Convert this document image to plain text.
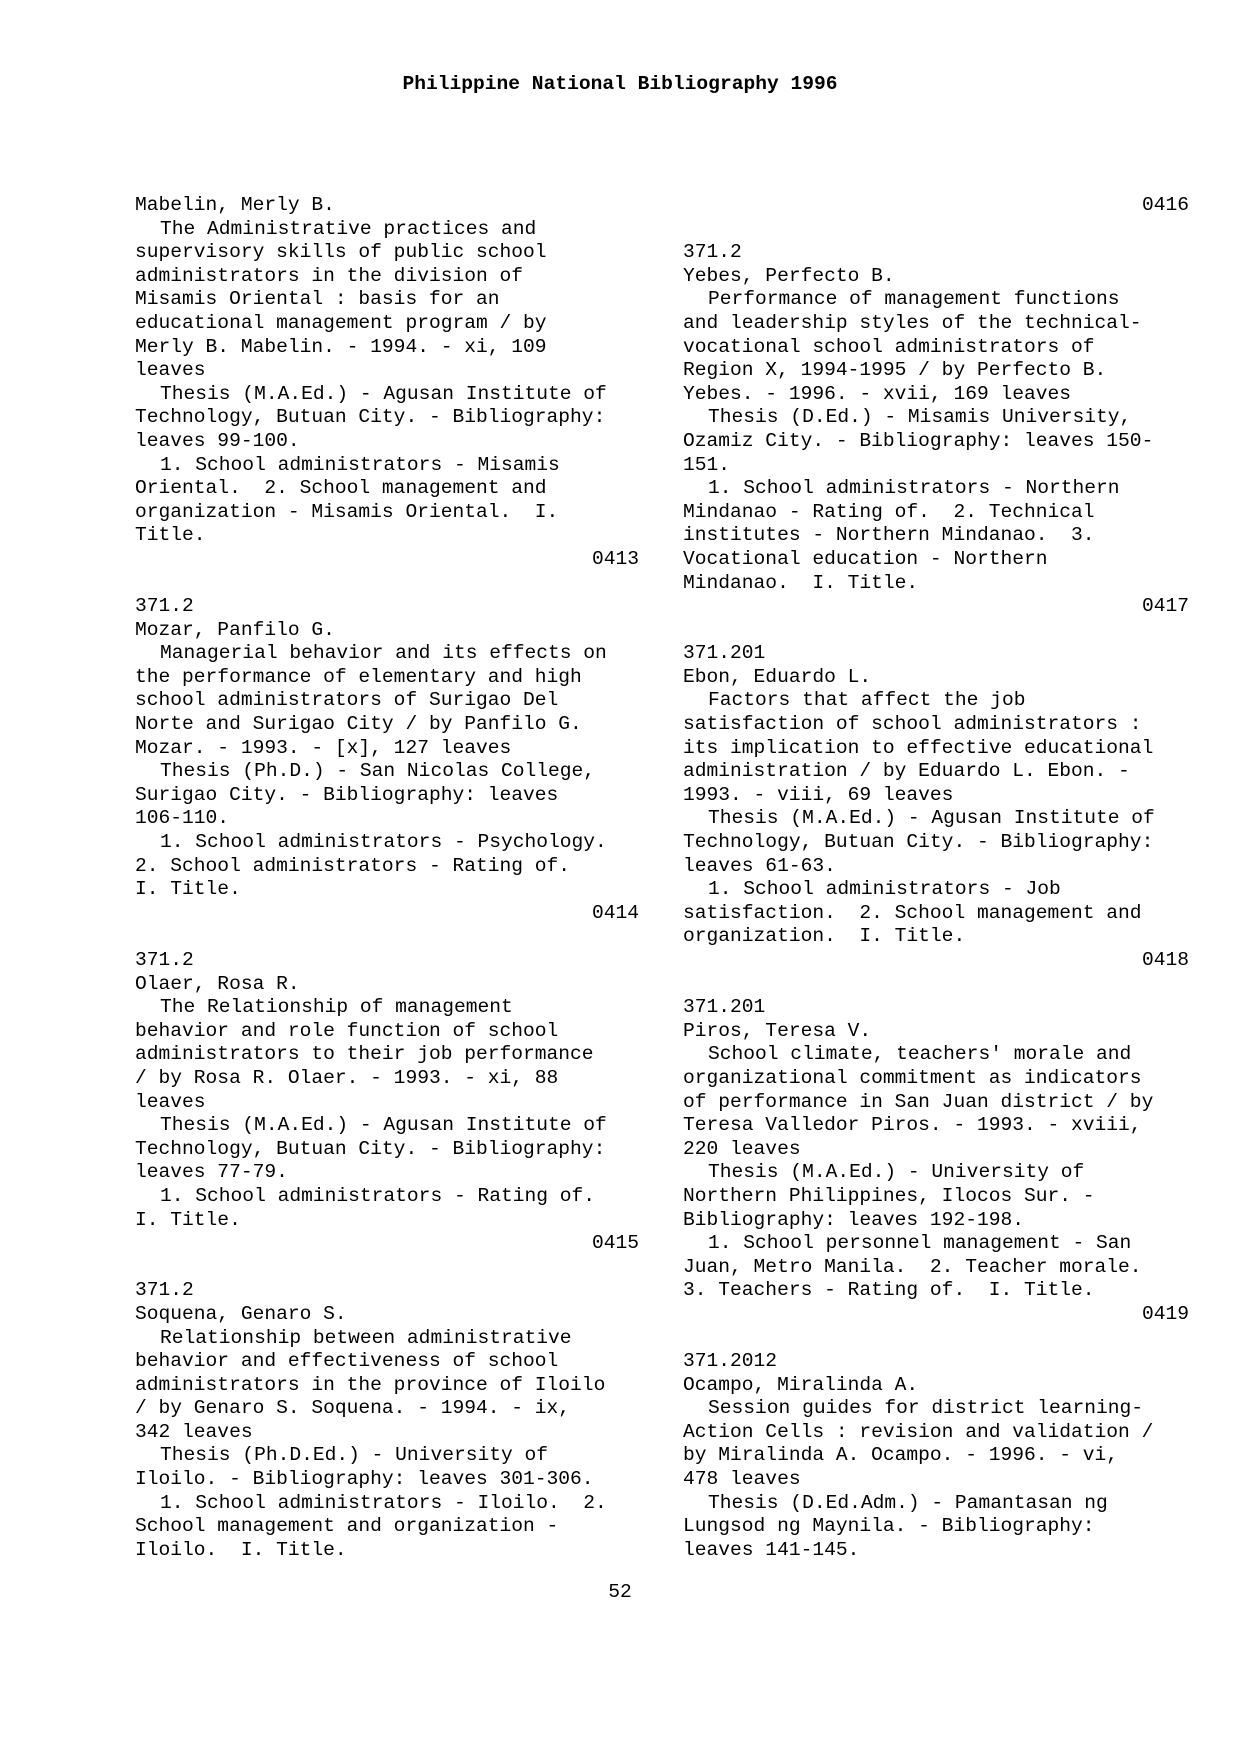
Philippine National Bibliography 1996
Mabelin, Merly B.
The Administrative practices and
supervisory skills of public school
administrators in the division of
Misamis Oriental : basis for an
educational management program / by
Merly B. Mabelin. - 1994. - xi, 109
leaves
Thesis (M.A.Ed.) - Agusan Institute of
Technology, Butuan City. - Bibliography:
leaves 99-100.
1. School administrators - Misamis
Oriental.  2. School management and
organization - Misamis Oriental.  I.
Title.
0413
371.2
Mozar, Panfilo G.
Managerial behavior and its effects on
the performance of elementary and high
school administrators of Surigao Del
Norte and Surigao City / by Panfilo G.
Mozar. - 1993. - [x], 127 leaves
Thesis (Ph.D.) - San Nicolas College,
Surigao City. - Bibliography: leaves
106-110.
1. School administrators - Psychology.
2. School administrators - Rating of.
I. Title.
0414
371.2
Olaer, Rosa R.
The Relationship of management
behavior and role function of school
administrators to their job performance
/ by Rosa R. Olaer. - 1993. - xi, 88
leaves
Thesis (M.A.Ed.) - Agusan Institute of
Technology, Butuan City. - Bibliography:
leaves 77-79.
1. School administrators - Rating of.
I. Title.
0415
371.2
Soquena, Genaro S.
Relationship between administrative
behavior and effectiveness of school
administrators in the province of Iloilo
/ by Genaro S. Soquena. - 1994. - ix,
342 leaves
Thesis (Ph.D.Ed.) - University of
Iloilo. - Bibliography: leaves 301-306.
1. School administrators - Iloilo.  2.
School management and organization -
Iloilo.  I. Title.
0416
371.2
Yebes, Perfecto B.
Performance of management functions
and leadership styles of the technical-
vocational school administrators of
Region X, 1994-1995 / by Perfecto B.
Yebes. - 1996. - xvii, 169 leaves
Thesis (D.Ed.) - Misamis University,
Ozamiz City. - Bibliography: leaves 150-
151.
1. School administrators - Northern
Mindanao - Rating of.  2. Technical
institutes - Northern Mindanao.  3.
Vocational education - Northern
Mindanao.  I. Title.
0417
371.201
Ebon, Eduardo L.
Factors that affect the job
satisfaction of school administrators :
its implication to effective educational
administration / by Eduardo L. Ebon. -
1993. - viii, 69 leaves
Thesis (M.A.Ed.) - Agusan Institute of
Technology, Butuan City. - Bibliography:
leaves 61-63.
1. School administrators - Job
satisfaction.  2. School management and
organization.  I. Title.
0418
371.201
Piros, Teresa V.
School climate, teachers' morale and
organizational commitment as indicators
of performance in San Juan district / by
Teresa Valledor Piros. - 1993. - xviii,
220 leaves
Thesis (M.A.Ed.) - University of
Northern Philippines, Ilocos Sur. -
Bibliography: leaves 192-198.
1. School personnel management - San
Juan, Metro Manila.  2. Teacher morale.
3. Teachers - Rating of.  I. Title.
0419
371.2012
Ocampo, Miralinda A.
Session guides for district learning-
Action Cells : revision and validation /
by Miralinda A. Ocampo. - 1996. - vi,
478 leaves
Thesis (D.Ed.Adm.) - Pamantasan ng
Lungsod ng Maynila. - Bibliography:
leaves 141-145.
52
